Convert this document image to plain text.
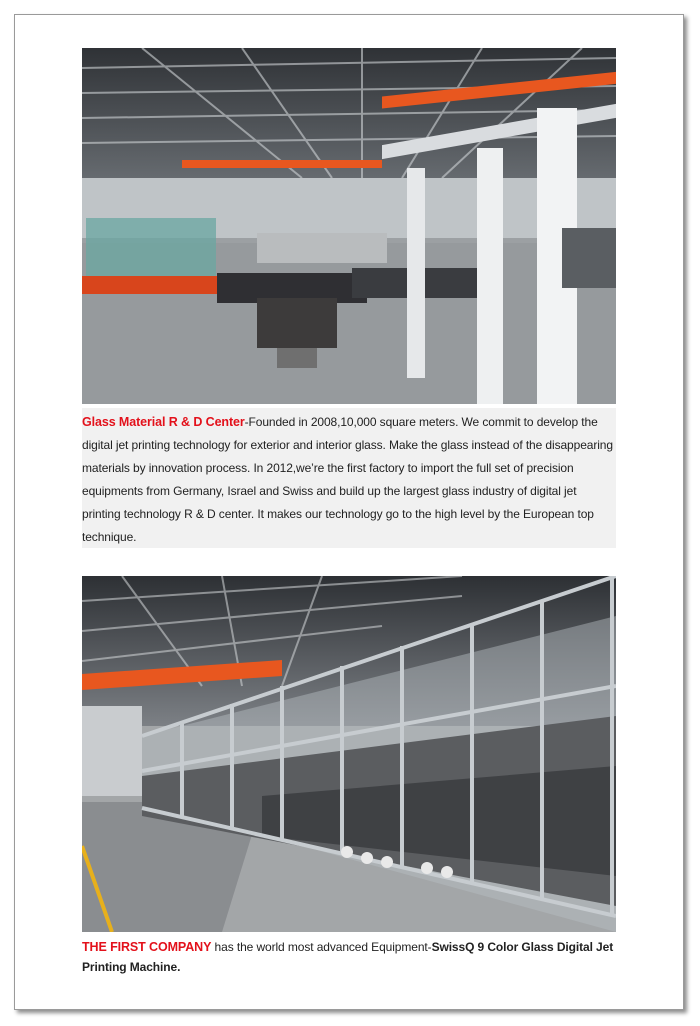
Glass Material R & D Center-Founded in 2008,10,000 square meters. We commit to develop the digital jet printing technology for exterior and interior glass. Make the glass instead of the disappearing materials by innovation process. In 2012,we’re the first factory to import the full set of precision equipments from Germany, Israel and Swiss and build up the largest glass industry of digital jet printing technology R & D center. It makes our technology go to the high level by the European top technique.
THE FIRST COMPANY has the world most advanced Equipment-SwissQ 9 Color Glass Digital Jet Printing Machine.
